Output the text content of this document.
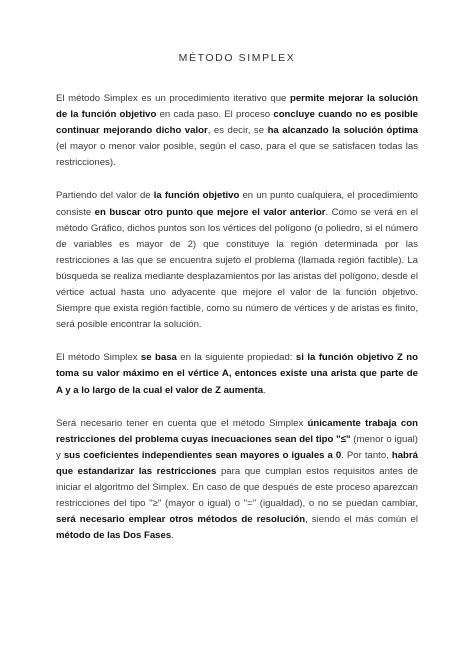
MÉTODO SIMPLEX

El método Simplex es un procedimiento iterativo que permite mejorar la solución de la función objetivo en cada paso. El proceso concluye cuando no es posible continuar mejorando dicho valor, es decir, se ha alcanzado la solución óptima (el mayor o menor valor posible, según el caso, para el que se satisfacen todas las restricciones).

Partiendo del valor de la función objetivo en un punto cualquiera, el procedimiento consiste en buscar otro punto que mejore el valor anterior. Como se verá en el método Gráfico, dichos puntos son los vértices del polígono (o poliedro, si el número de variables es mayor de 2) que constituye la región determinada por las restricciones a las que se encuentra sujeto el problema (llamada región factible). La búsqueda se realiza mediante desplazamientos por las aristas del polígono, desde el vértice actual hasta uno adyacente que mejore el valor de la función objetivo. Siempre que exista región factible, como su número de vértices y de aristas es finito, será posible encontrar la solución.

El método Simplex se basa en la siguiente propiedad: si la función objetivo Z no toma su valor máximo en el vértice A, entonces existe una arista que parte de A y a lo largo de la cual el valor de Z aumenta.

Será necesario tener en cuenta que el método Simplex únicamente trabaja con restricciones del problema cuyas inecuaciones sean del tipo "≤" (menor o igual) y sus coeficientes independientes sean mayores o iguales a 0. Por tanto, habrá que estandarizar las restricciones para que cumplan estos requisitos antes de iniciar el algoritmo del Simplex. En caso de que después de este proceso aparezcan restricciones del tipo "≥" (mayor o igual) o "=" (igualdad), o no se puedan cambiar, será necesario emplear otros métodos de resolución, siendo el más común el método de las Dos Fases.
